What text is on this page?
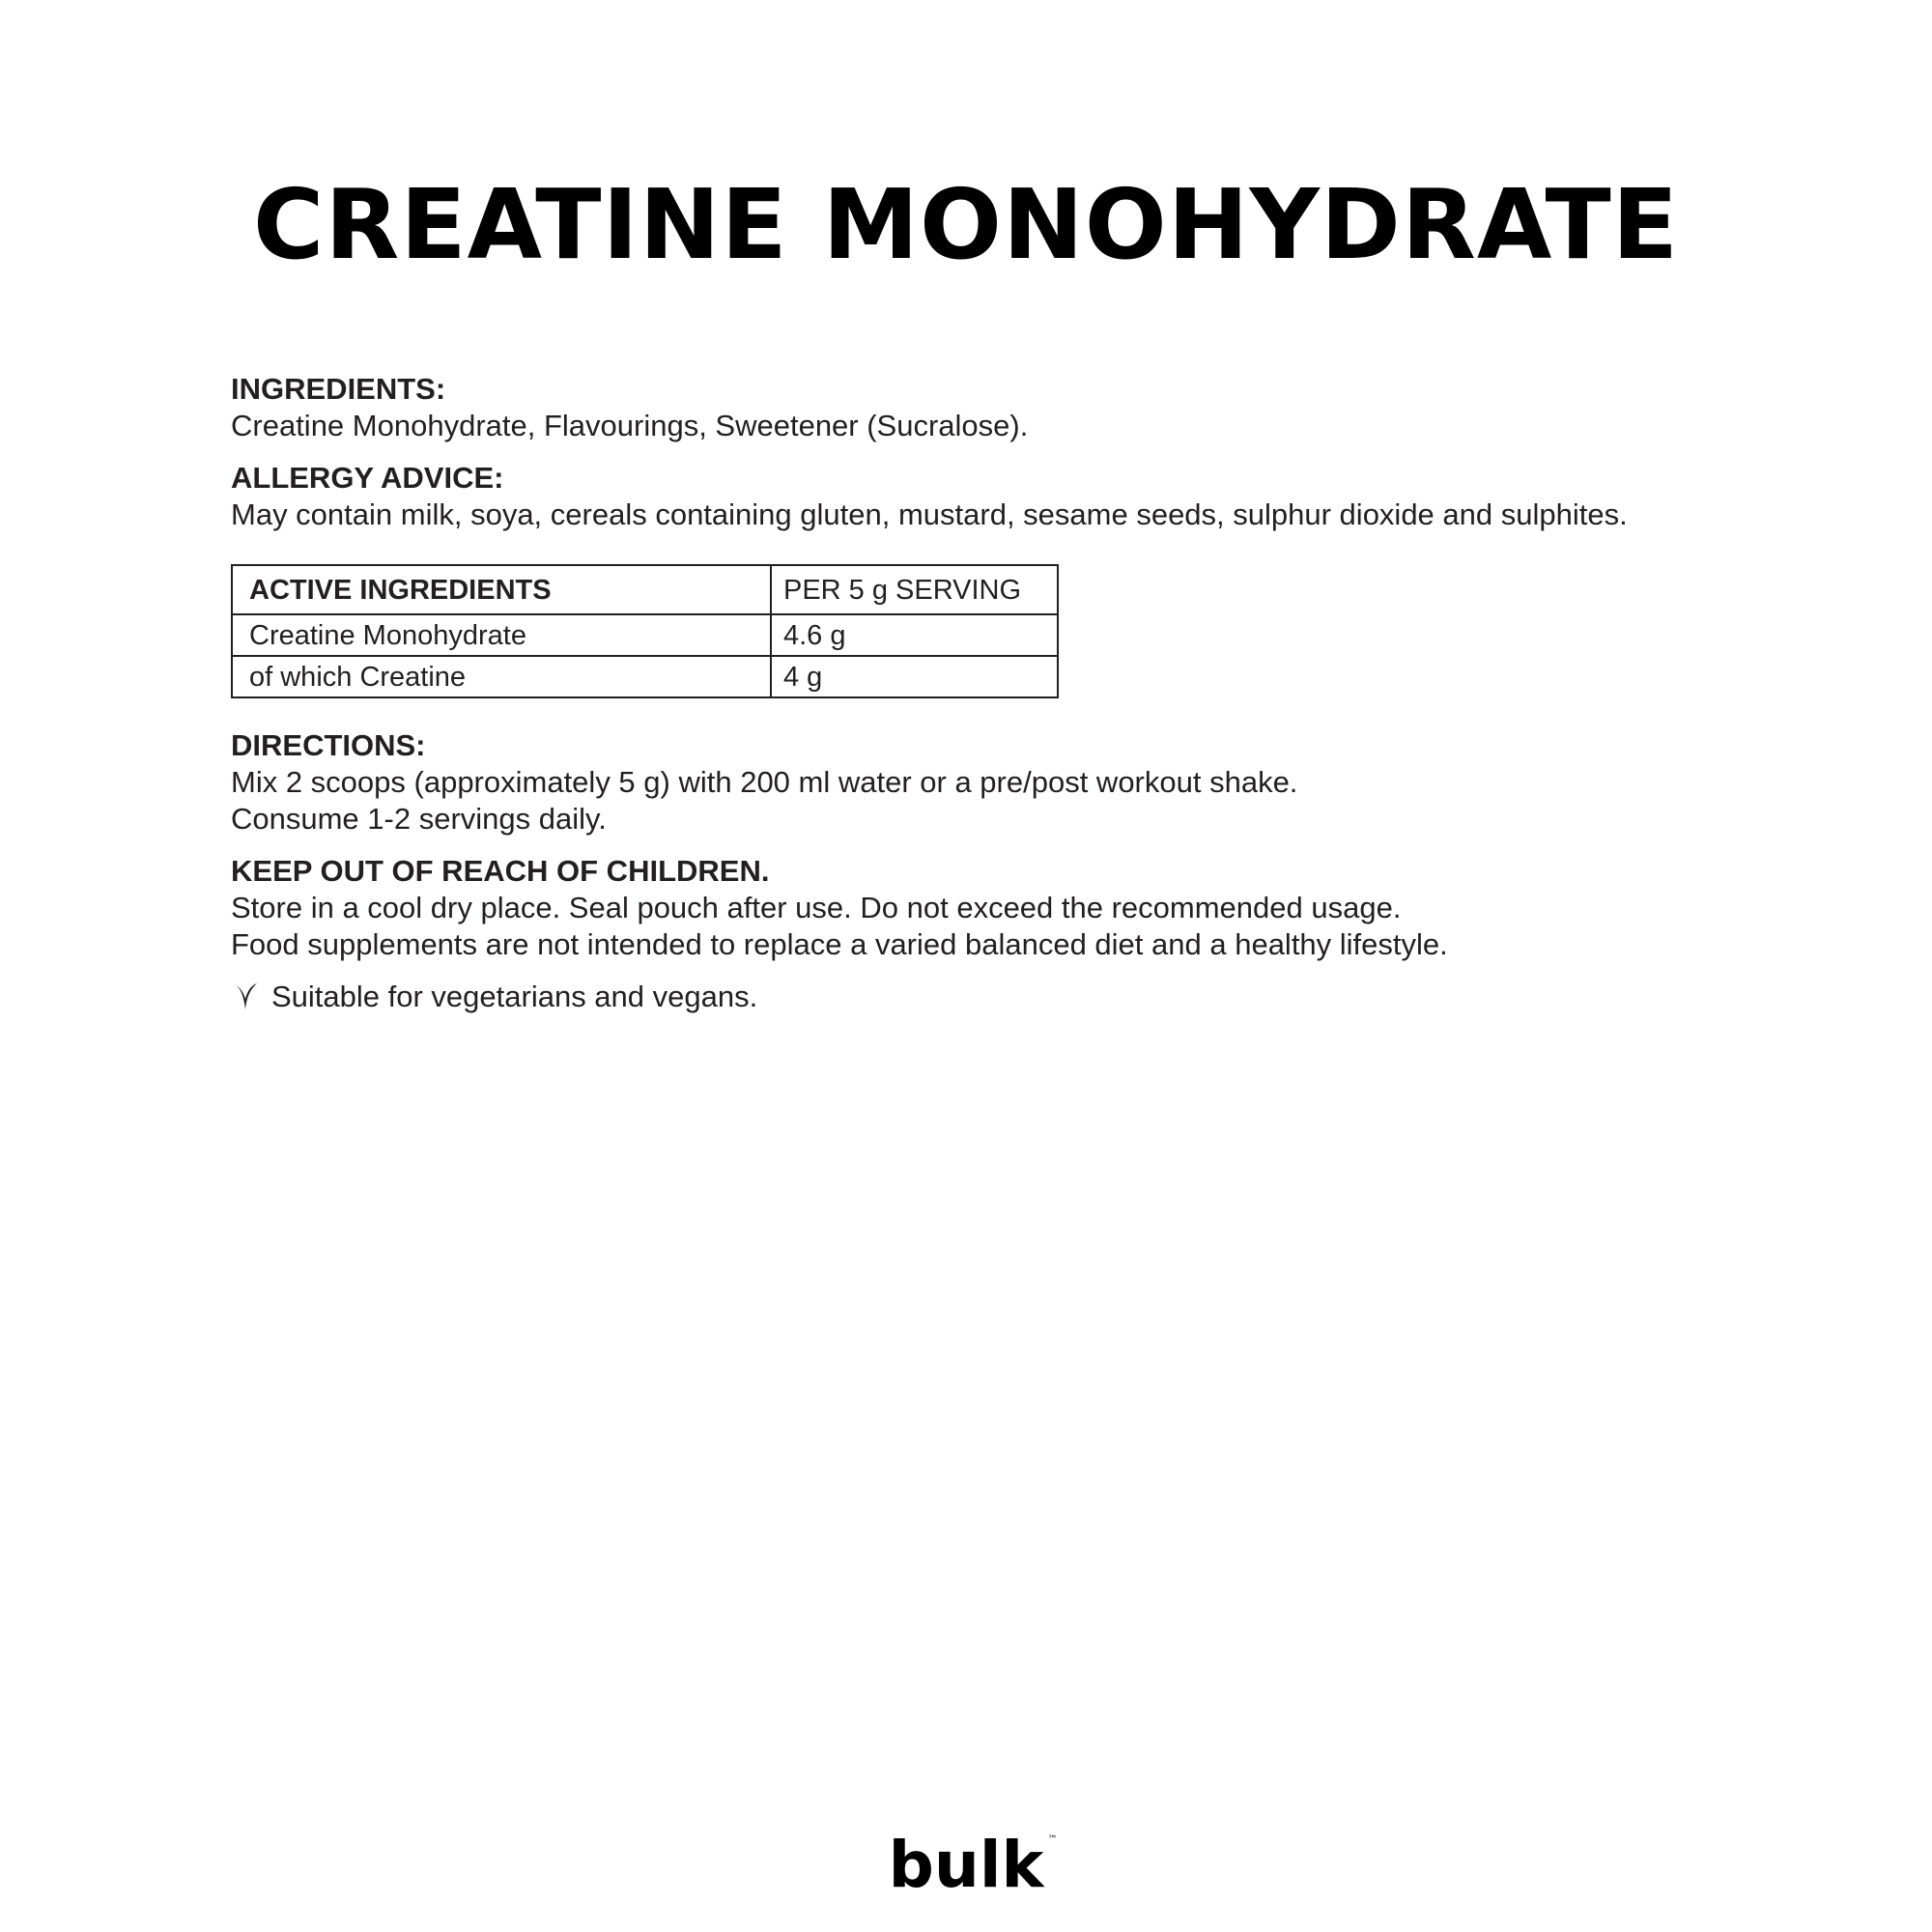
CREATINE MONOHYDRATE

INGREDIENTS:

Creatine Monohydrate, Flavourings, Sweetener (Sucralose).

ALLERGY ADVICE:

May contain milk, soya, cereals containing gluten, mustard, sesame seeds, sulphur dioxide and sulphites.

ACTIVE INGREDIENTS	PER 5 g SERVING
Creatine Monohydrate	4.6 g
of which Creatine	4 g

DIRECTIONS:

Mix 2 scoops (approximately 5 g) with 200 ml water or a pre/post workout shake.

Consume 1-2 servings daily.

KEEP OUT OF REACH OF CHILDREN.

Store in a cool dry place. Seal pouch after use. Do not exceed the recommended usage.

Food supplements are not intended to replace a varied balanced diet and a healthy lifestyle.

Suitable for vegetarians and vegans.
bulk ™
